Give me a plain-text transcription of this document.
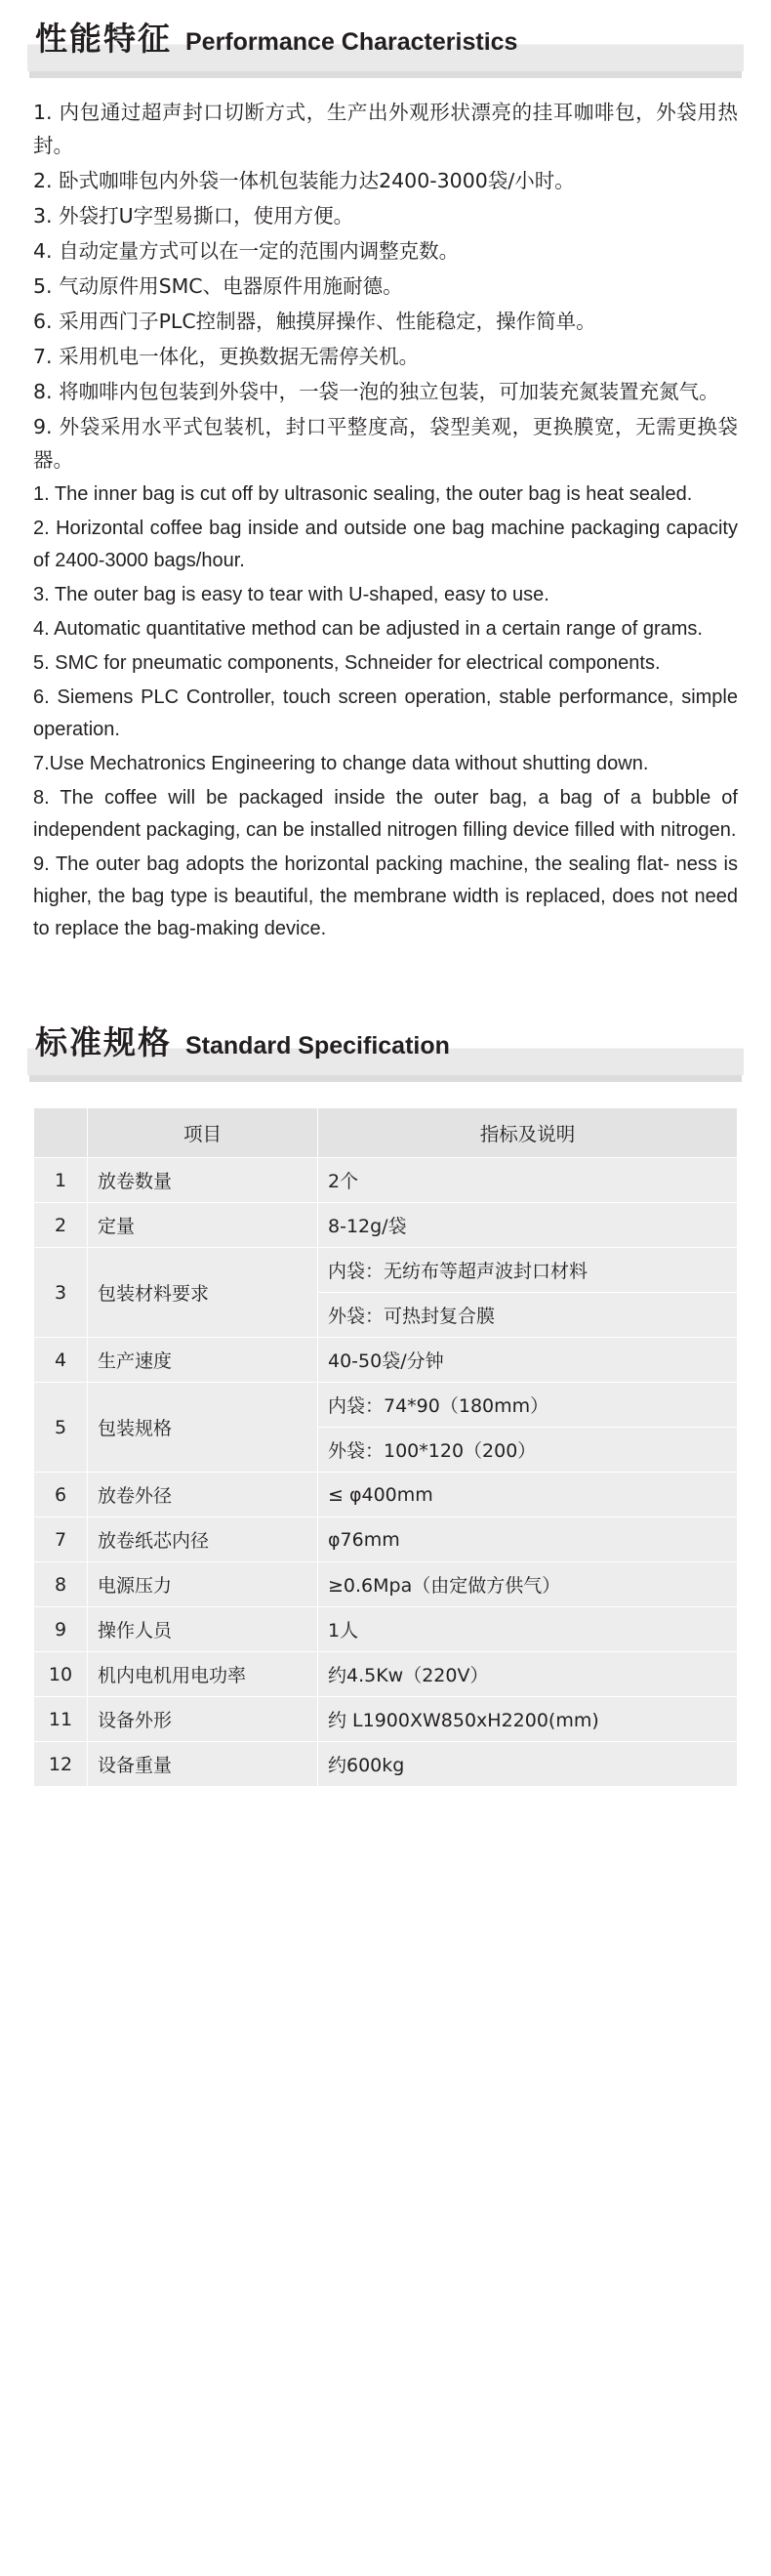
性能特征 Performance Characteristics

1. 内包通过超声封口切断方式，生产出外观形状漂亮的挂耳咖啡包，外袋用热封。

2. 卧式咖啡包内外袋一体机包装能力达2400-3000袋/小时。

3. 外袋打U字型易撕口，使用方便。

4. 自动定量方式可以在一定的范围内调整克数。

5. 气动原件用SMC、电器原件用施耐德。

6. 采用西门子PLC控制器，触摸屏操作、性能稳定，操作简单。

7. 采用机电一体化，更换数据无需停关机。

8. 将咖啡内包包装到外袋中，一袋一泡的独立包装，可加装充氮装置充氮气。

9. 外袋采用水平式包装机，封口平整度高，袋型美观，更换膜宽，无需更换袋器。

1. The inner bag is cut off by ultrasonic sealing, the outer bag is heat sealed.

2. Horizontal coffee bag inside and outside one bag machine packaging capacity of 2400-3000 bags/hour.

3. The outer bag is easy to tear with U-shaped, easy to use.

4. Automatic quantitative method can be adjusted in a certain range of grams.

5. SMC for pneumatic components, Schneider for electrical components.

6. Siemens PLC Controller, touch screen operation, stable performance, simple operation.

7.Use Mechatronics Engineering to change data without shutting down.

8. The coffee will be packaged inside the outer bag, a bag of a bubble of independent packaging, can be installed nitrogen filling device filled with nitrogen.

9. The outer bag adopts the horizontal packing machine, the sealing flat- ness is higher, the bag type is beautiful, the membrane width is replaced, does not need to replace the bag-making device.

标准规格 Standard Specification
	项目	指标及说明
1	放卷数量	2个
2	定量	8-12g/袋
3	包装材料要求	内袋：无纺布等超声波封口材料
		外袋：可热封复合膜
4	生产速度	40-50袋/分钟
5	包装规格	内袋：74*90（180mm）
		外袋：100*120（200）
6	放卷外径	≤ φ400mm
7	放卷纸芯内径	φ76mm
8	电源压力	≥0.6Mpa（由定做方供气）
9	操作人员	1人
10	机内电机用电功率	约4.5Kw（220V）
11	设备外形	约 L1900XW850xH2200(mm)
12	设备重量	约600kg
